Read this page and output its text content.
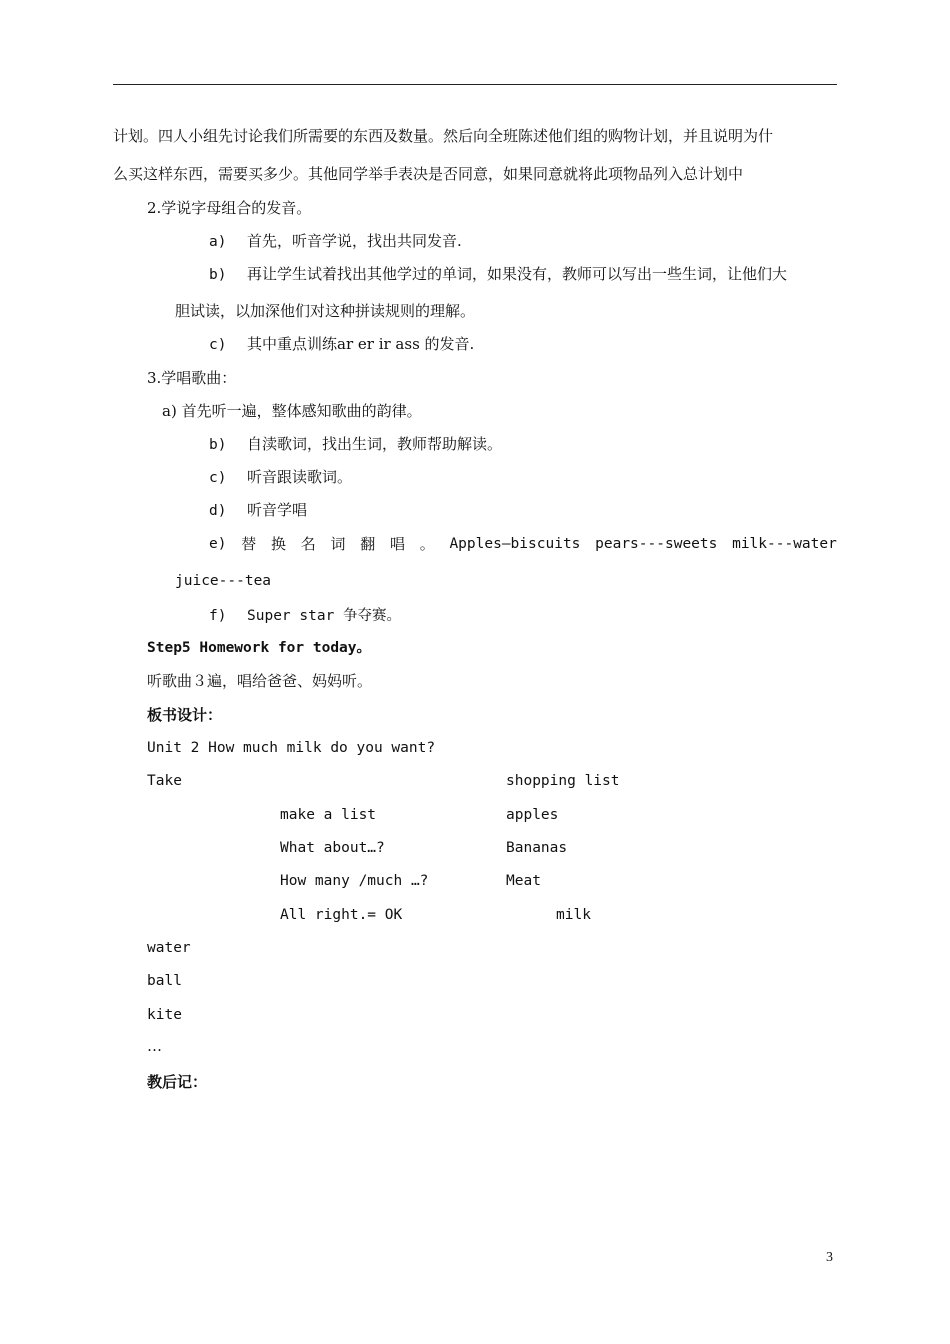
计划。四人小组先讨论我们所需要的东西及数量。然后向全班陈述他们组的购物计划，并且说明为什
么买这样东西，需要买多少。其他同学举手表决是否同意，如果同意就将此项物品列入总计划中
2.学说字母组合的发音。
a) 首先，听音学说，找出共同发音.
b) 再让学生试着找出其他学过的单词，如果没有，教师可以写出一些生词，让他们大
胆试读，以加深他们对这种拼读规则的理解。
c) 其中重点训练ar er ir ass 的发音.
3.学唱歌曲：
a) 首先听一遍，整体感知歌曲的韵律。
b) 自渎歌词，找出生词，教师帮助解读。
c) 听音跟读歌词。
d) 听音学唱
e) 替 换 名 词 翻 唱 。 Apples—biscuits pears---sweets milk---water
juice---tea
f) Super star 争夺赛。
Step5 Homework for today。
听歌曲３遍，唱给爸爸、妈妈听。
板书设计：
Unit 2 How much milk do you want?
Take	shopping list
make a list	apples
What about…?	Bananas
How many /much …?	Meat
All right.= OK	milk
water
ball
kite
…
教后记：
3
